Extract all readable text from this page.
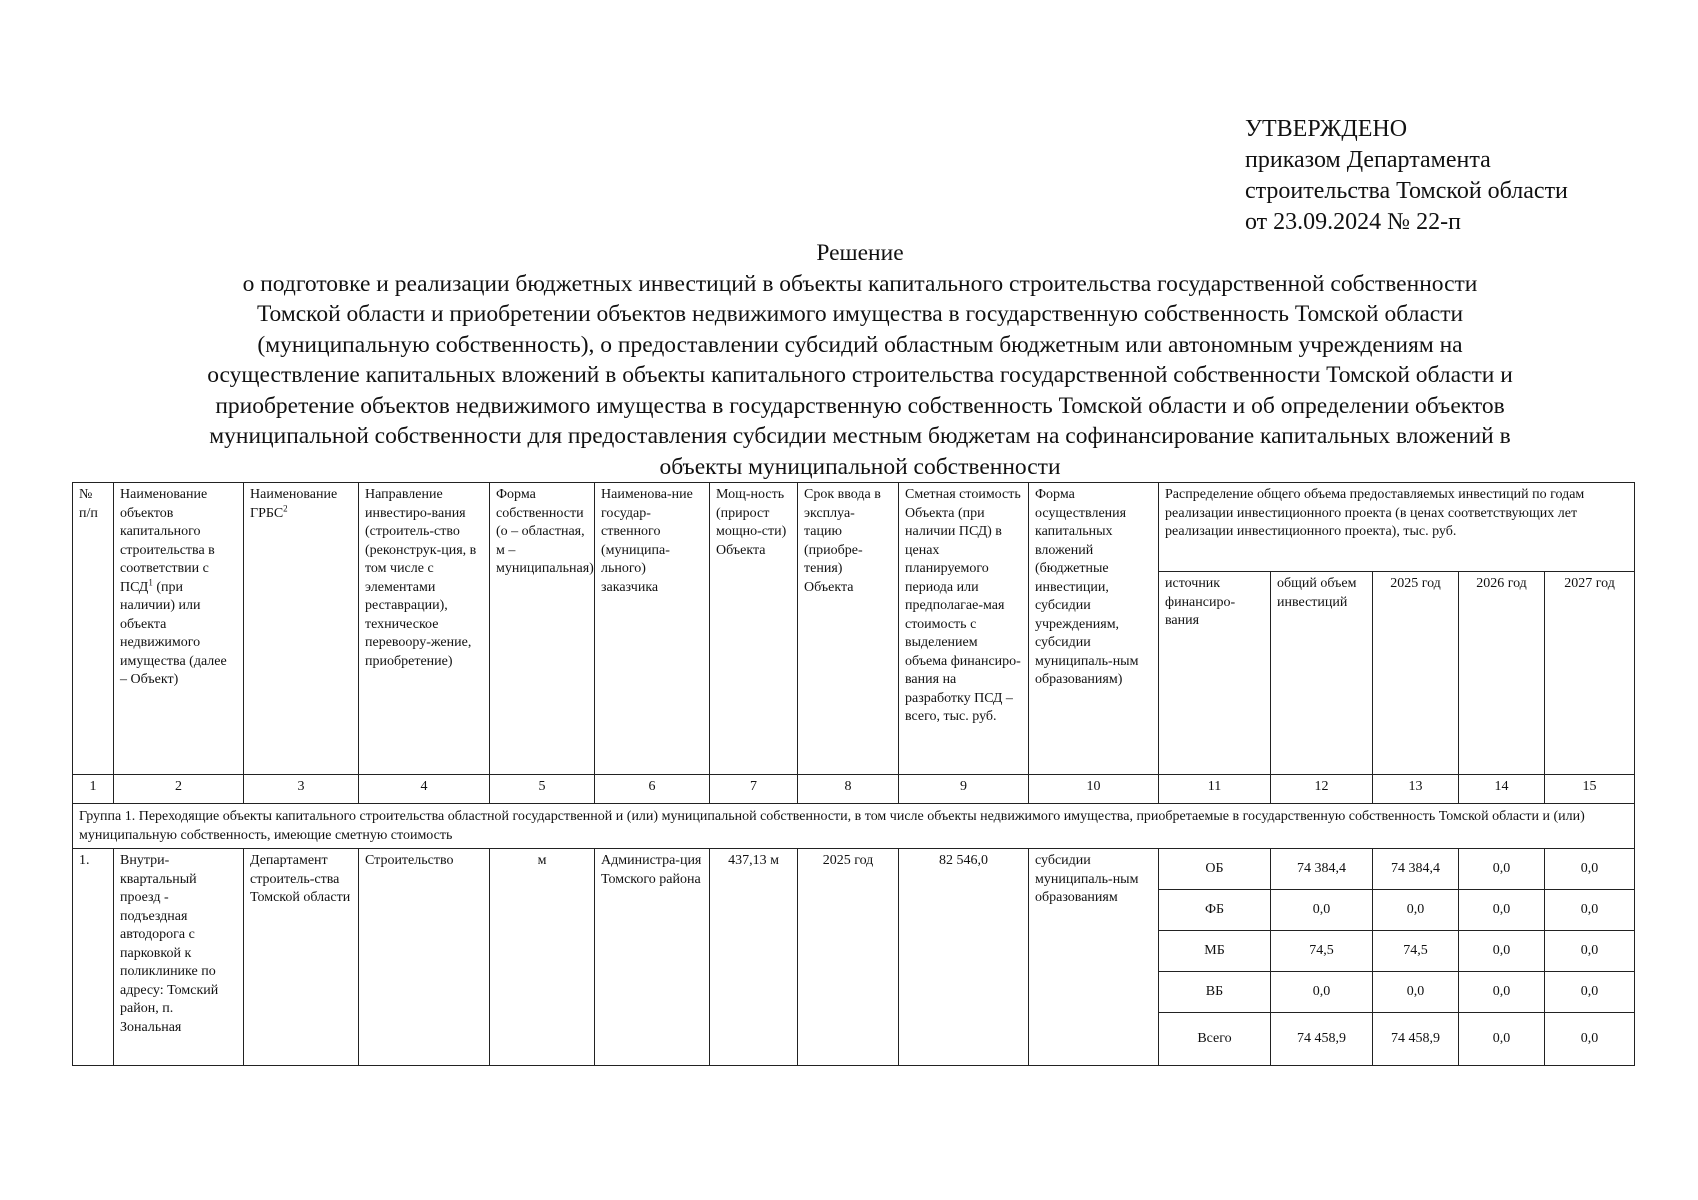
УТВЕРЖДЕНО
приказом Департамента
строительства Томской области
от 23.09.2024 № 22-п
Решение
о подготовке и реализации бюджетных инвестиций в объекты капитального строительства государственной собственности
Томской области и приобретении объектов недвижимого имущества в государственную собственность Томской области
(муниципальную собственность), о предоставлении субсидий областным бюджетным или автономным учреждениям на
осуществление капитальных вложений в объекты капитального строительства государственной собственности Томской области и
приобретение объектов недвижимого имущества в государственную собственность Томской области и об определении объектов
муниципальной собственности для предоставления субсидии местным бюджетам на софинансирование капитальных вложений в
объекты муниципальной собственности
№ п/п	Наименование объектов капитального строительства в соответствии с ПСД$^1$ (при наличии) или объекта недвижимого имущества (далее – Объект)	Наименование ГРБС$^2$	Направление инвестиро-вания (строитель-ство (реконструк-ция, в том числе с элементами реставрации), техническое перевоору-жение, приобретение)	Форма собственности (о – областная, м – муниципальная)	Наименова-ние государ-ственного (муниципа-льного) заказчика	Мощ-ность (прирост мощно-сти) Объекта	Срок ввода в эксплуа-тацию (приобре-тения) Объекта	Сметная стоимость Объекта (при наличии ПСД) в ценах планируемого периода или предполагае-мая стоимость с выделением объема финансиро-вания на разработку ПСД – всего, тыс. руб.	Форма осуществления капитальных вложений (бюджетные инвестиции, субсидии учреждениям, субсидии муниципаль-ным образованиям)	Распределение общего объема предоставляемых инвестиций по годам реализации инвестиционного проекта (в ценах соответствующих лет реализации инвестиционного проекта), тыс. руб.				
										источник финансиро-вания	общий объем инвестиций	2025 год	2026 год	2027 год
1	2	3	4	5	6	7	8	9	10	11	12	13	14	15
Группа 1. Переходящие объекты капитального строительства областной государственной и (или) муниципальной собственности, в том числе объекты недвижимого имущества, приобретаемые в государственную собственность Томской области и (или) муниципальную собственность, имеющие сметную стоимость														
1.	Внутри-квартальный проезд - подъездная автодорога с парковкой к поликлинике по адресу: Томский район, п. Зональная	Департамент строитель-ства Томской области	Строительство	м	Администра-ция Томского района	437,13 м	2025 год	82 546,0	субсидии муниципаль-ным образованиям	ОБ	74 384,4	74 384,4	0,0	0,0
										ФБ	0,0	0,0	0,0	0,0
										МБ	74,5	74,5	0,0	0,0
										ВБ	0,0	0,0	0,0	0,0
										Всего	74 458,9	74 458,9	0,0	0,0
